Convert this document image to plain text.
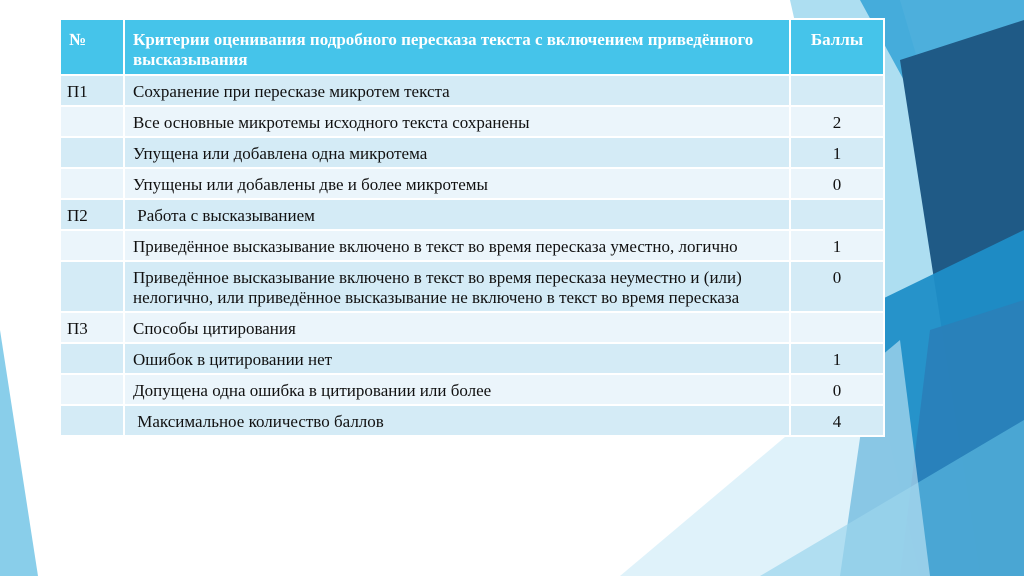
№	Критерии оценивания подробного пересказа текста с включением приведённого высказывания	Баллы
П1	Сохранение при пересказе микротем текста	
	Все основные микротемы исходного текста сохранены	2
	Упущена или добавлена одна микротема	1
	Упущены или добавлены две и более микротемы	0
П2	Работа с высказыванием	
	Приведённое высказывание включено в текст во время пересказа уместно, логично	1
	Приведённое высказывание включено в текст во время пересказа неуместно и (или) нелогично, или приведённое высказывание не включено в текст во время пересказа	0
П3	Способы цитирования	
	Ошибок в цитировании нет	1
	Допущена одна ошибка в цитировании или более	0
	Максимальное количество баллов	4
